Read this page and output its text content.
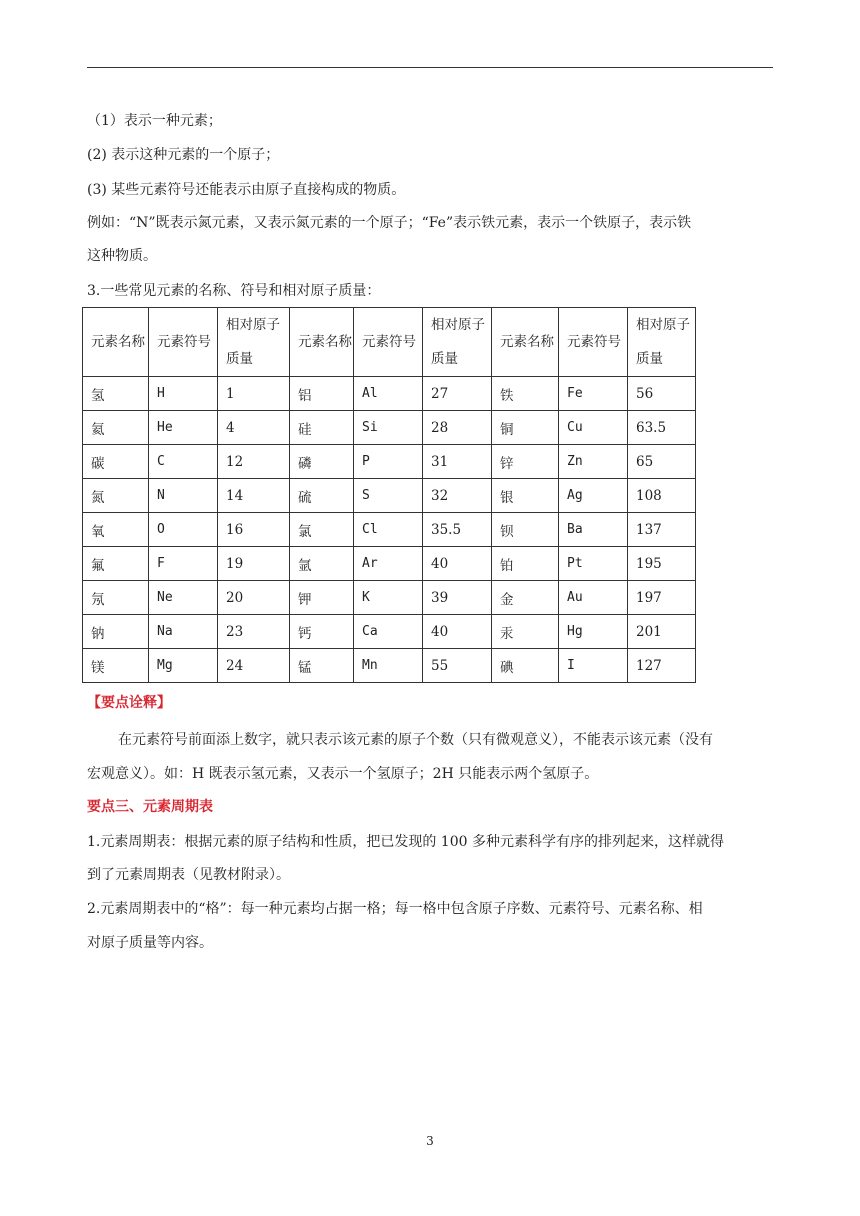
（1）表示一种元素；
(2) 表示这种元素的一个原子；
(3) 某些元素符号还能表示由原子直接构成的物质。
例如：“N”既表示氮元素，又表示氮元素的一个原子；“Fe”表示铁元素，表示一个铁原子，表示铁
这种物质。
3.一些常见元素的名称、符号和相对原子质量：
元素名称	元素符号	相对原子质量	元素名称	元素符号	相对原子质量	元素名称	元素符号	相对原子质量
氢	H	1	铝	Al	27	铁	Fe	56
氦	He	4	硅	Si	28	铜	Cu	63.5
碳	C	12	磷	P	31	锌	Zn	65
氮	N	14	硫	S	32	银	Ag	108
氧	O	16	氯	Cl	35.5	钡	Ba	137
氟	F	19	氩	Ar	40	铂	Pt	195
氖	Ne	20	钾	K	39	金	Au	197
钠	Na	23	钙	Ca	40	汞	Hg	201
镁	Mg	24	锰	Mn	55	碘	I	127
【要点诠释】
在元素符号前面添上数字，就只表示该元素的原子个数（只有微观意义），不能表示该元素（没有
宏观意义）。如：H 既表示氢元素，又表示一个氢原子；2H 只能表示两个氢原子。
要点三、元素周期表
1.元素周期表：根据元素的原子结构和性质，把已发现的 100 多种元素科学有序的排列起来，这样就得
到了元素周期表（见教材附录）。
2.元素周期表中的“格”：每一种元素均占据一格；每一格中包含原子序数、元素符号、元素名称、相
对原子质量等内容。
3
